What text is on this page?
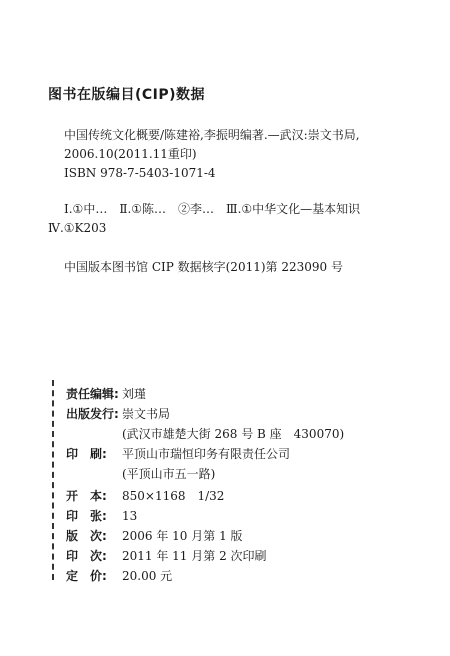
图书在版编目(CIP)数据
中国传统文化概要/陈建裕,李振明编著.—武汉:崇文书局,
2006.10(2011.11重印)
ISBN 978-7-5403-1071-4
Ⅰ.①中…　Ⅱ.①陈…　②李…　Ⅲ.①中华文化—基本知识
Ⅳ.①K203
中国版本图书馆 CIP 数据核字(2011)第 223090 号
责任编辑: 刘瑾
出版发行: 崇文书局
(武汉市雄楚大街 268 号 B 座　430070)
印　刷: 平顶山市瑞恒印务有限责任公司
(平顶山市五一路)
开　本: 850×1168　1/32
印　张: 13
版　次: 2006 年 10 月第 1 版
印　次: 2011 年 11 月第 2 次印刷
定　价: 20.00 元
